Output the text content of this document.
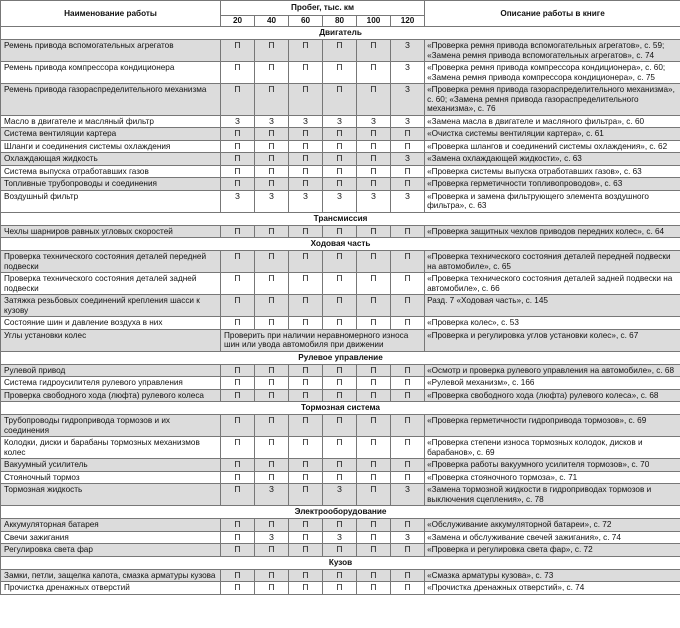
Наименование работы	Пробег, тыс. км						Описание работы в книге
	20	40	60	80	100	120	
Двигатель							
Ремень привода вспомогательных агрегатов	П	П	П	П	П	З	«Проверка ремня привода вспомогательных агрегатов», с. 59; «Замена ремня привода вспомогательных агрегатов», с. 74
Ремень привода компрессора кондиционера	П	П	П	П	П	З	«Проверка ремня привода компрессора кондиционера», с. 60; «Замена ремня привода компрессора кондиционера», с. 75
Ремень привода газораспределительного механизма	П	П	П	П	П	З	«Проверка ремня привода газораспределительного механизма», с. 60; «Замена ремня привода газораспределительного механизма», с. 76
Масло в двигателе и масляный фильтр	З	З	З	З	З	З	«Замена масла в двигателе и масляного фильтра», с. 60
Система вентиляции картера	П	П	П	П	П	П	«Очистка системы вентиляции картера», с. 61
Шланги и соединения системы охлаждения	П	П	П	П	П	П	«Проверка шлангов и соединений системы охлаждения», с. 62
Охлаждающая жидкость	П	П	П	П	П	З	«Замена охлаждающей жидкости», с. 63
Система выпуска отработавших газов	П	П	П	П	П	П	«Проверка системы выпуска отработавших газов», с. 63
Топливные трубопроводы и соединения	П	П	П	П	П	П	«Проверка герметичности топливопроводов», с. 63
Воздушный фильтр	З	З	З	З	З	З	«Проверка и замена фильтрующего элемента воздушного фильтра», с. 63
Трансмиссия							
Чехлы шарниров равных угловых скоростей	П	П	П	П	П	П	«Проверка защитных чехлов приводов передних колес», с. 64
Ходовая часть							
Проверка технического состояния деталей передней подвески	П	П	П	П	П	П	«Проверка технического состояния деталей передней подвески на автомобиле», с. 65
Проверка технического состояния деталей задней подвески	П	П	П	П	П	П	«Проверка технического состояния деталей задней подвески на автомобиле», с. 66
Затяжка резьбовых соединений крепления шасси к кузову	П	П	П	П	П	П	Разд. 7 «Ходовая часть», с. 145
Состояние шин и давление воздуха в них	П	П	П	П	П	П	«Проверка колес», с. 53
Углы установки колес	Проверить при наличии неравномерного износа шин или увода автомобиля при движении						«Проверка и регулировка углов установки колес», с. 67
Рулевое управление							
Рулевой привод	П	П	П	П	П	П	«Осмотр и проверка рулевого управления на автомобиле», с. 68
Система гидроусилителя рулевого управления	П	П	П	П	П	П	«Рулевой механизм», с. 166
Проверка свободного хода (люфта) рулевого колеса	П	П	П	П	П	П	«Проверка свободного хода (люфта) рулевого колеса», с. 68
Тормозная система							
Трубопроводы гидропривода тормозов и их соединения	П	П	П	П	П	П	«Проверка герметичности гидропривода тормозов», с. 69
Колодки, диски и барабаны тормозных механизмов колес	П	П	П	П	П	П	«Проверка степени износа тормозных колодок, дисков и барабанов», с. 69
Вакуумный усилитель	П	П	П	П	П	П	«Проверка работы вакуумного усилителя тормозов», с. 70
Стояночный тормоз	П	П	П	П	П	П	«Проверка стояночного тормоза», с. 71
Тормозная жидкость	П	З	П	З	П	З	«Замена тормозной жидкости в гидроприводах тормозов и выключения сцепления», с. 78
Электрооборудование							
Аккумуляторная батарея	П	П	П	П	П	П	«Обслуживание аккумуляторной батареи», с. 72
Свечи зажигания	П	З	П	З	П	З	«Замена и обслуживание свечей зажигания», с. 74
Регулировка света фар	П	П	П	П	П	П	«Проверка и регулировка света фар», с. 72
Кузов							
Замки, петли, защелка капота, смазка арматуры кузова	П	П	П	П	П	П	«Смазка арматуры кузова», с. 73
Прочистка дренажных отверстий	П	П	П	П	П	П	«Прочистка дренажных отверстий», с. 74
